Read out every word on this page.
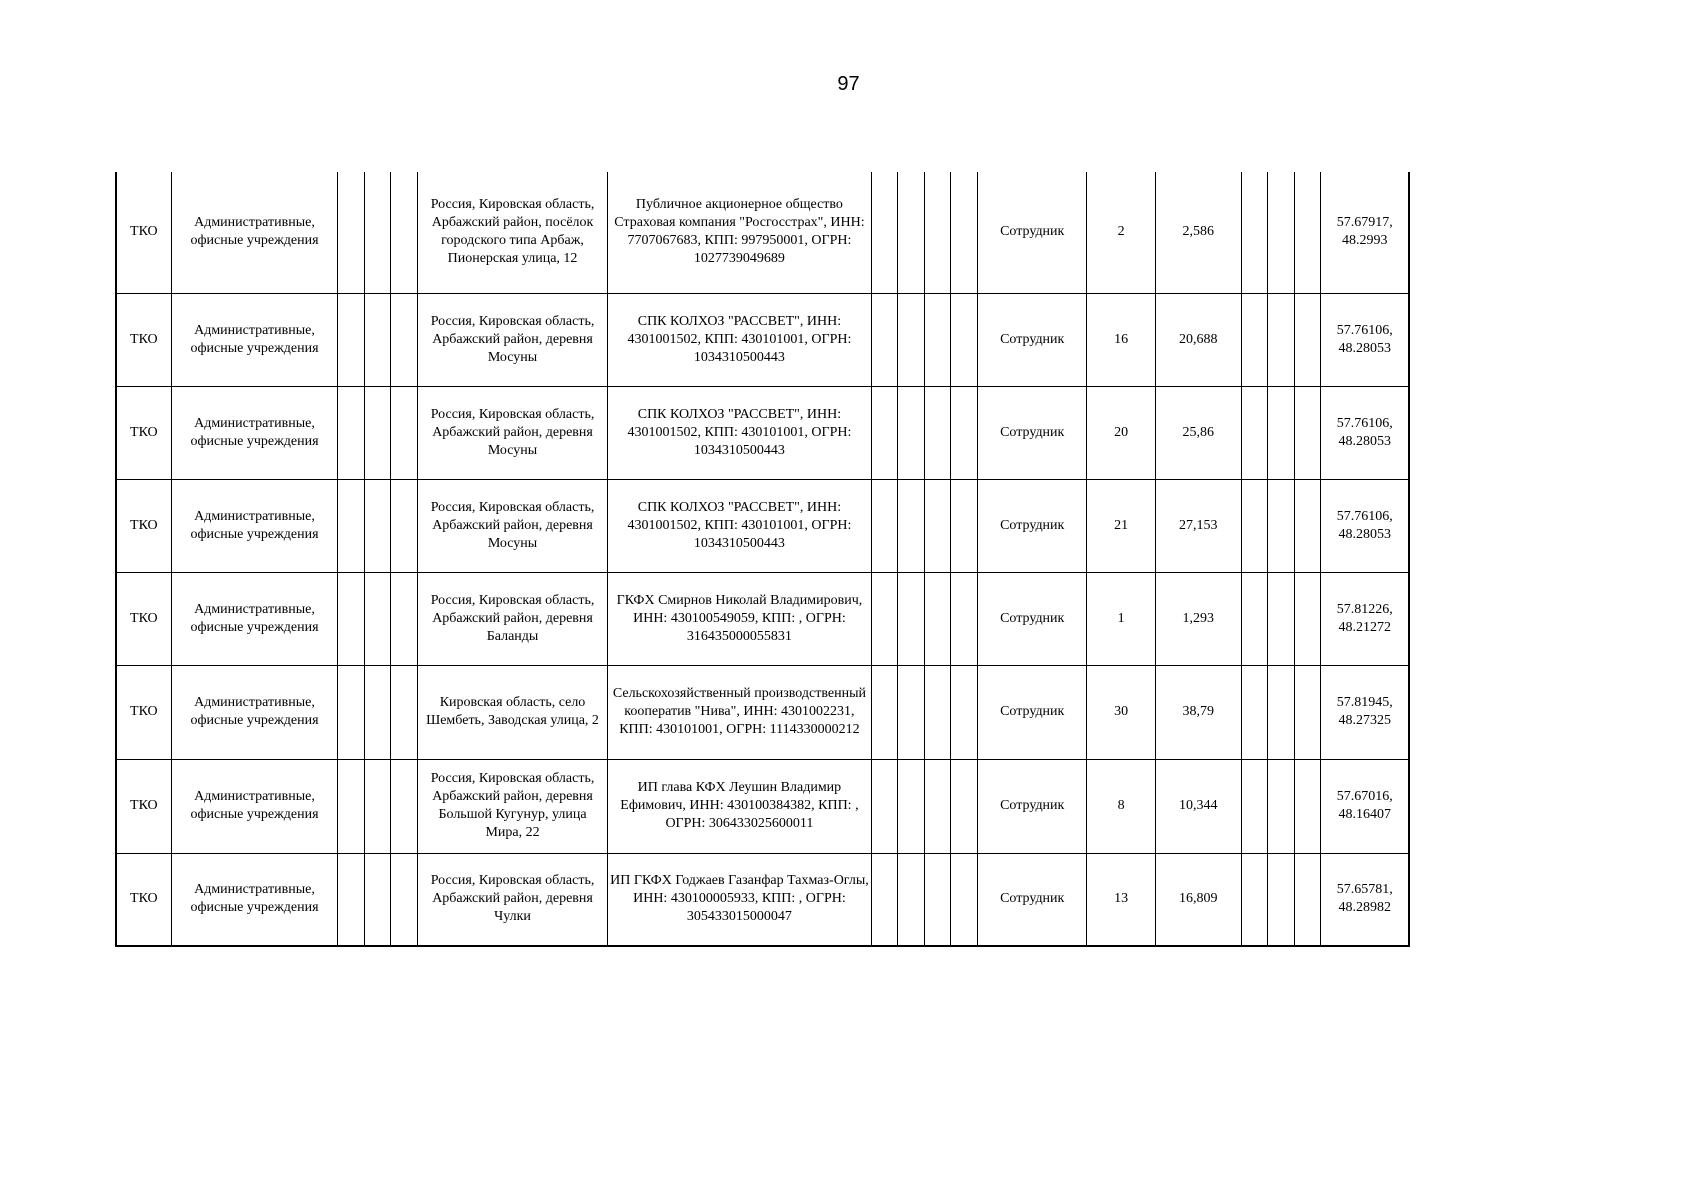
97
ТКО	Административные, офисные учреждения				Россия, Кировская область, Арбажский район, посёлок городского типа Арбаж, Пионерская улица, 12	Публичное акционерное общество Страховая компания "Росгосстрах", ИНН: 7707067683, КПП: 997950001, ОГРН: 1027739049689					Сотрудник	2	2,586				57.67917, 48.2993
ТКО	Административные, офисные учреждения				Россия, Кировская область, Арбажский район, деревня Мосуны	СПК КОЛХОЗ "РАССВЕТ", ИНН: 4301001502, КПП: 430101001, ОГРН: 1034310500443					Сотрудник	16	20,688				57.76106, 48.28053
ТКО	Административные, офисные учреждения				Россия, Кировская область, Арбажский район, деревня Мосуны	СПК КОЛХОЗ "РАССВЕТ", ИНН: 4301001502, КПП: 430101001, ОГРН: 1034310500443					Сотрудник	20	25,86				57.76106, 48.28053
ТКО	Административные, офисные учреждения				Россия, Кировская область, Арбажский район, деревня Мосуны	СПК КОЛХОЗ "РАССВЕТ", ИНН: 4301001502, КПП: 430101001, ОГРН: 1034310500443					Сотрудник	21	27,153				57.76106, 48.28053
ТКО	Административные, офисные учреждения				Россия, Кировская область, Арбажский район, деревня Баланды	ГКФХ Смирнов Николай Владимирович, ИНН: 430100549059, КПП: , ОГРН: 316435000055831					Сотрудник	1	1,293				57.81226, 48.21272
ТКО	Административные, офисные учреждения				Кировская область, село Шембеть, Заводская улица, 2	Сельскохозяйственный производственный кооператив "Нива", ИНН: 4301002231, КПП: 430101001, ОГРН: 1114330000212					Сотрудник	30	38,79				57.81945, 48.27325
ТКО	Административные, офисные учреждения				Россия, Кировская область, Арбажский район, деревня Большой Кугунур, улица Мира, 22	ИП глава КФХ Леушин Владимир Ефимович, ИНН: 430100384382, КПП: , ОГРН: 306433025600011					Сотрудник	8	10,344				57.67016, 48.16407
ТКО	Административные, офисные учреждения				Россия, Кировская область, Арбажский район, деревня Чулки	ИП ГКФХ Годжаев Газанфар Тахмаз-Оглы, ИНН: 430100005933, КПП: , ОГРН: 305433015000047					Сотрудник	13	16,809				57.65781, 48.28982
